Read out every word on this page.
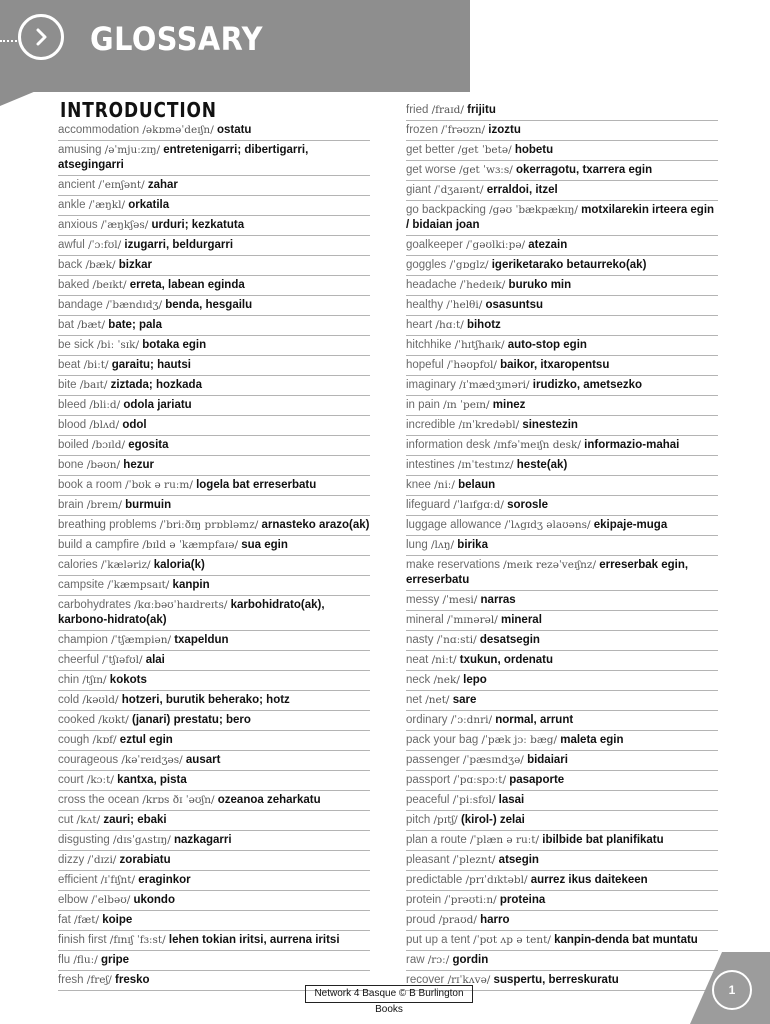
GLOSSARY
INTRODUCTION
accommodation /əkɒməˈdeɪʃn/ ostatu
amusing /əˈmjuːzɪŋ/ entretenigarri; dibertigarri, atsegingarri
ancient /ˈeɪnʃənt/ zahar
ankle /ˈæŋkl/ orkatila
anxious /ˈæŋkʃəs/ urduri; kezkatuta
awful /ˈɔːfʊl/ izugarri, beldurgarri
back /bæk/ bizkar
baked /beɪkt/ erreta, labean eginda
bandage /ˈbændɪdʒ/ benda, hesgailu
bat /bæt/ bate; pala
be sick /biː ˈsɪk/ botaka egin
beat /biːt/ garaitu; hautsi
bite /baɪt/ ziztada; hozkada
bleed /bliːd/ odola jariatu
blood /blʌd/ odol
boiled /bɔɪld/ egosita
bone /bəʊn/ hezur
book a room /ˈbʊk ə ruːm/ logela bat erreserbatu
brain /breɪn/ burmuin
breathing problems /ˈbriːðɪŋ prɒbləmz/ arnasteko arazo(ak)
build a campfire /bɪld ə ˈkæmpfaɪə/ sua egin
calories /ˈkæləriz/ kaloria(k)
campsite /ˈkæmpsaɪt/ kanpin
carbohydrates /kɑːbəʊˈhaɪdreɪts/ karbohidrato(ak), karbono-hidrato(ak)
champion /ˈtʃæmpiən/ txapeldun
cheerful /ˈtʃɪəfʊl/ alai
chin /tʃɪn/ kokots
cold /kəʊld/ hotzeri, burutik beherako; hotz
cooked /kʊkt/ (janari) prestatu; bero
cough /kɒf/ eztul egin
courageous /kəˈreɪdʒəs/ ausart
court /kɔːt/ kantxa, pista
cross the ocean /krɒs ðɪ ˈəʊʃn/ ozeanoa zeharkatu
cut /kʌt/ zauri; ebaki
disgusting /dɪsˈgʌstɪŋ/ nazkagarri
dizzy /ˈdɪzi/ zorabiatu
efficient /ɪˈfɪʃnt/ eraginkor
elbow /ˈelbəʊ/ ukondo
fat /fæt/ koipe
finish first /fɪnɪʃ ˈfɜːst/ lehen tokian iritsi, aurrena iritsi
flu /fluː/ gripe
fresh /freʃ/ fresko
fried /fraɪd/ frijitu
frozen /ˈfrəʊzn/ izoztu
get better /get ˈbetə/ hobetu
get worse /get ˈwɜːs/ okerragotu, txarrera egin
giant /ˈdʒaɪənt/ erraldoi, itzel
go backpacking /gəʊ ˈbækpækɪŋ/ motxilarekin irteera egin / bidaian joan
goalkeeper /ˈgəʊlkiːpə/ atezain
goggles /ˈgɒglz/ igeriketarako betaurreko(ak)
headache /ˈhedeɪk/ buruko min
healthy /ˈhelθi/ osasuntsu
heart /hɑːt/ bihotz
hitchhike /ˈhɪtʃhaɪk/ auto-stop egin
hopeful /ˈhəʊpfʊl/ baikor, itxaropentsu
imaginary /ɪˈmædʒɪnəri/ irudizko, ametsezko
in pain /ɪn ˈpeɪn/ minez
incredible /ɪnˈkredəbl/ sinestezin
information desk /ɪnfəˈmeɪʃn desk/ informazio-mahai
intestines /ɪnˈtestɪnz/ heste(ak)
knee /niː/ belaun
lifeguard /ˈlaɪfgɑːd/ sorosle
luggage allowance /ˈlʌgɪdʒ əlaʊəns/ ekipaje-muga
lung /lʌŋ/ birika
make reservations /meɪk rezəˈveɪʃnz/ erreserbak egin, erreserbatu
messy /ˈmesi/ narras
mineral /ˈmɪnərəl/ mineral
nasty /ˈnɑːsti/ desatsegin
neat /niːt/ txukun, ordenatu
neck /nek/ lepo
net /net/ sare
ordinary /ˈɔːdnri/ normal, arrunt
pack your bag /ˈpæk jɔː bæg/ maleta egin
passenger /ˈpæsɪndʒə/ bidaiari
passport /ˈpɑːspɔːt/ pasaporte
peaceful /ˈpiːsfʊl/ lasai
pitch /pɪtʃ/ (kirol-) zelai
plan a route /ˈplæn ə ruːt/ ibilbide bat planifikatu
pleasant /ˈpleznt/ atsegin
predictable /prɪˈdɪktəbl/ aurrez ikus daitekeen
protein /ˈprəʊtiːn/ proteina
proud /praʊd/ harro
put up a tent /ˈpʊt ʌp ə tent/ kanpin-denda bat muntatu
raw /rɔː/ gordin
recover /rɪˈkʌvə/ suspertu, berreskuratu
Network 4 Basque © B Burlington Books
1
